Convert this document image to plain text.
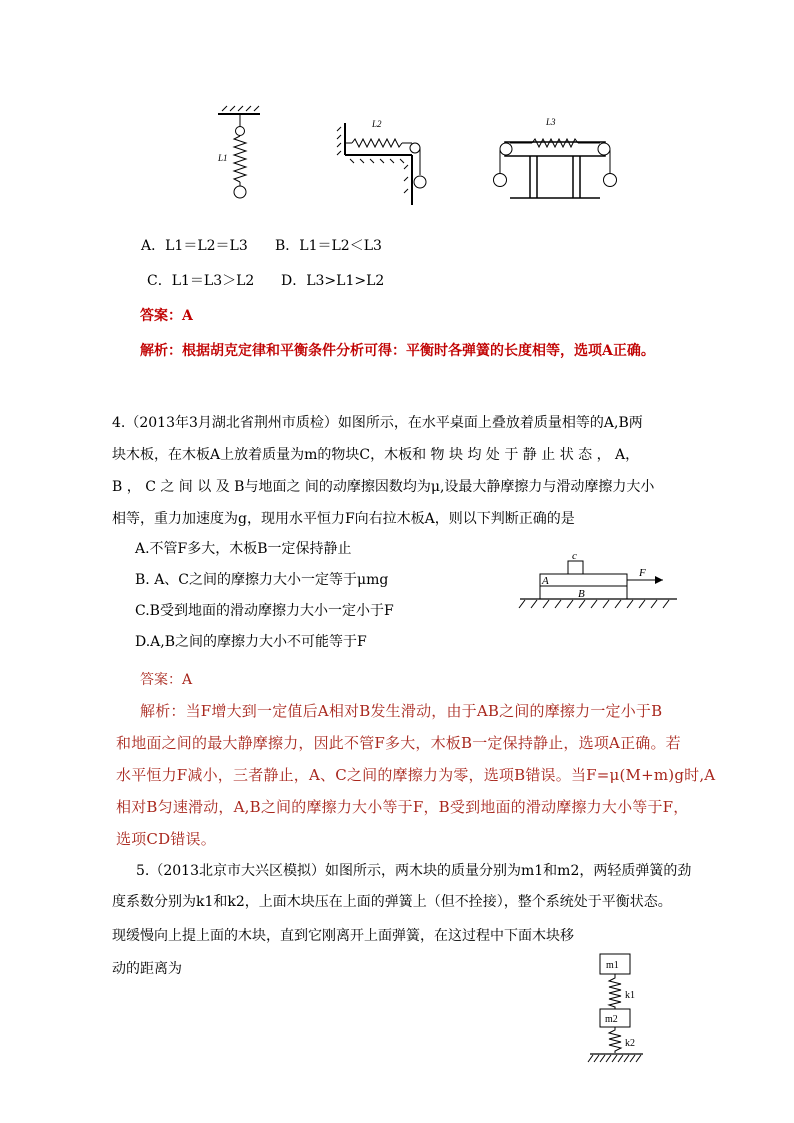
L1
L2	L3
A．L1＝L2＝L3 B．L1＝L2＜L3
C．L1＝L3＞L2 D．L3>L1>L2
答案：A
解析：根据胡克定律和平衡条件分析可得：平衡时各弹簧的长度相等，选项A正确。
4.（2013年3月湖北省荆州市质检）如图所示，在水平桌面上叠放着质量相等的A,B两
块木板，在木板A上放着质量为m的物块C，木板和 物 块 均 处 于 静 止 状 态 ， A，
B ， C 之 间 以 及 B与地面之 间的动摩擦因数均为μ,设最大静摩擦力与滑动摩擦力大小
相等，重力加速度为g，现用水平恒力F向右拉木板A，则以下判断正确的是
A.不管F多大，木板B一定保持静止
B. A、C之间的摩擦力大小一定等于μmg
C.B受到地面的滑动摩擦力大小一定小于F
D.A,B之间的摩擦力大小不可能等于F
c
A
B
F
答案：A
解析：当F增大到一定值后A相对B发生滑动，由于AB之间的摩擦力一定小于B
和地面之间的最大静摩擦力，因此不管F多大，木板B一定保持静止，选项A正确。若
水平恒力F减小，三者静止，A、C之间的摩擦力为零，选项B错误。当F=μ(M+m)g时,A
相对B匀速滑动，A,B之间的摩擦力大小等于F，B受到地面的滑动摩擦力大小等于F，
选项CD错误。
5.（2013北京市大兴区模拟）如图所示，两木块的质量分别为m1和m2，两轻质弹簧的劲
度系数分别为k1和k2，上面木块压在上面的弹簧上（但不拴接），整个系统处于平衡状态。
现缓慢向上提上面的木块，直到它刚离开上面弹簧，在这过程中下面木块移
动的距离为	m1
k1
m2
k2
